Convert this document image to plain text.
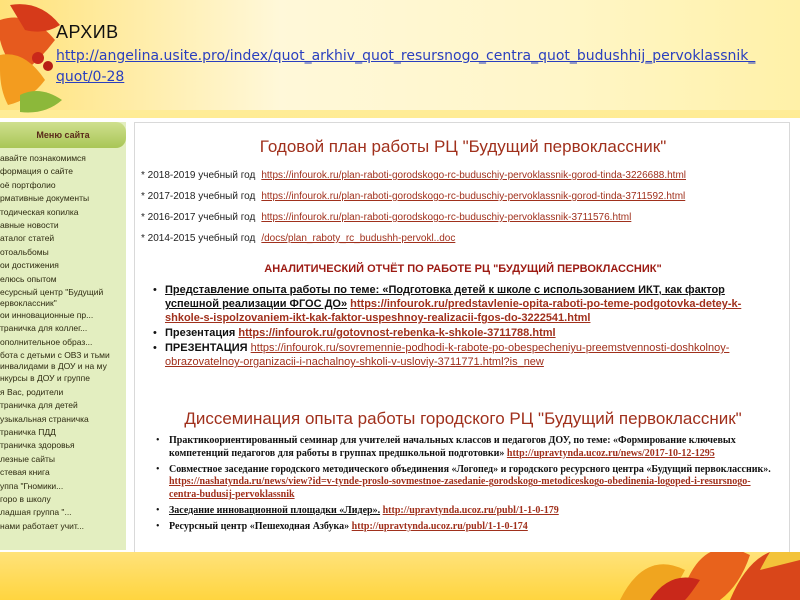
АРХИВ
http://angelina.usite.pro/index/quot_arkhiv_quot_resursnogo_centra_quot_budushhij_pervoklassnik_quot/0-28
Меню сайта
авайте познакомимся
формация о сайте
оё портфолио
рмативные документы
тодическая копилка
авные новости
аталог статей
отоальбомы
ои достижения
елюсь опытом
есурсный центр "Будущий ервоклассник"
ои инновационные пр...
траничка для коллег...
ополнительное образ...
бота с детьми с ОВЗ и тьми инвалидами в ДОУ и на му
нкурсы в ДОУ и группе
я Вас, родители
траничка для детей
узыкальная страничка
траничка ПДД
траничка здоровья
лезные сайты
стевая книга
уппа "Гномики...
горо в школу
ладшая группа "...
нами работает учит...
Годовой план работы РЦ "Будущий первоклассник"
* 2018-2019 учебный год https://infourok.ru/plan-raboti-gorodskogo-rc-buduschiy-pervoklassnik-gorod-tinda-3226688.html
* 2017-2018 учебный год https://infourok.ru/plan-raboti-gorodskogo-rc-buduschiy-pervoklassnik-gorod-tinda-3711592.html
* 2016-2017 учебный год https://infourok.ru/plan-raboti-gorodskogo-rc-buduschiy-pervoklassnik-3711576.html
* 2014-2015 учебный год /docs/plan_raboty_rc_budushh-pervokl..doc
АНАЛИТИЧЕСКИЙ ОТЧЁТ ПО РАБОТЕ РЦ "БУДУЩИЙ ПЕРВОКЛАССНИК"
• Представление опыта работы по теме: «Подготовка детей к школе с использованием ИКТ, как фактор успешной реализации ФГОС ДО» https://infourok.ru/predstavlenie-opita-raboti-po-teme-podgotovka-detey-k-shkole-s-ispolzovaniem-ikt-kak-faktor-uspeshnoy-realizacii-fgos-do-3222541.html
• Презентация https://infourok.ru/gotovnost-rebenka-k-shkole-3711788.html
• ПРЕЗЕНТАЦИЯ https://infourok.ru/sovremennie-podhodi-k-rabote-po-obespecheniyu-preemstvennosti-doshkolnoy-obrazovatelnoy-organizacii-i-nachalnoy-shkoli-v-usloviy-3711771.html?is_new
Диссеминация опыта работы городского РЦ "Будущий первоклассник"
• Практикоориентированный семинар для учителей начальных классов и педагогов ДОУ, по теме: «Формирование ключевых компетенций педагогов для работы в группах предшкольной подготовки» http://upravtynda.ucoz.ru/news/2017-10-12-1295
• Совместное заседание городского методического объединения «Логопед» и городского ресурсного центра «Будущий первоклассник». https://nashatynda.ru/news/view?id=v-tynde-proslo-sovmestnoe-zasedanie-gorodskogo-metodiceskogo-obedinenia-logoped-i-resursnogo-centra-budusij-pervoklassnik
• Заседание инновационной площадки «Лидер». http://upravtynda.ucoz.ru/publ/1-1-0-179
• Ресурсный центр «Пешеходная Азбука» http://upravtynda.ucoz.ru/publ/1-1-0-174
